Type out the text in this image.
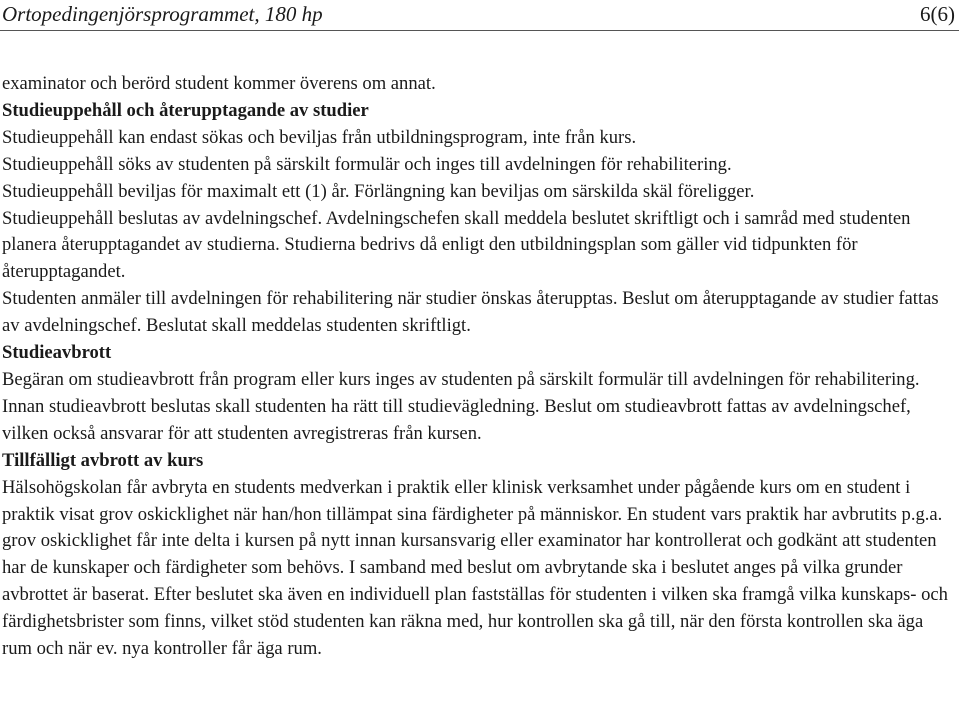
Ortopedingenjörsprogrammet, 180 hp	6(6)

examinator och berörd student kommer överens om annat.

Studieuppehåll och återupptagande av studier

Studieuppehåll kan endast sökas och beviljas från utbildningsprogram, inte från kurs.

Studieuppehåll söks av studenten på särskilt formulär och inges till avdelningen för rehabilitering.

Studieuppehåll beviljas för maximalt ett (1) år. Förlängning kan beviljas om särskilda skäl föreligger.

Studieuppehåll beslutas av avdelningschef. Avdelningschefen skall meddela beslutet skriftligt och i samråd med studenten planera återupptagandet av studierna. Studierna bedrivs då enligt den utbildningsplan som gäller vid tidpunkten för återupptagandet.

Studenten anmäler till avdelningen för rehabilitering när studier önskas återupptas. Beslut om återupptagande av studier fattas av avdelningschef. Beslutat skall meddelas studenten skriftligt.

Studieavbrott

Begäran om studieavbrott från program eller kurs inges av studenten på särskilt formulär till avdelningen för rehabilitering. Innan studieavbrott beslutas skall studenten ha rätt till studievägledning. Beslut om studieavbrott fattas av avdelningschef, vilken också ansvarar för att studenten avregistreras från kursen.

Tillfälligt avbrott av kurs

Hälsohögskolan får avbryta en students medverkan i praktik eller klinisk verksamhet under pågående kurs om en student i praktik visat grov oskicklighet när han/hon tillämpat sina färdigheter på människor. En student vars praktik har avbrutits p.g.a. grov oskicklighet får inte delta i kursen på nytt innan kursansvarig eller examinator har kontrollerat och godkänt att studenten har de kunskaper och färdigheter som behövs. I samband med beslut om avbrytande ska i beslutet anges på vilka grunder avbrottet är baserat. Efter beslutet ska även en individuell plan fastställas för studenten i vilken ska framgå vilka kunskaps- och färdighetsbrister som finns, vilket stöd studenten kan räkna med, hur kontrollen ska gå till, när den första kontrollen ska äga rum och när ev. nya kontroller får äga rum.
